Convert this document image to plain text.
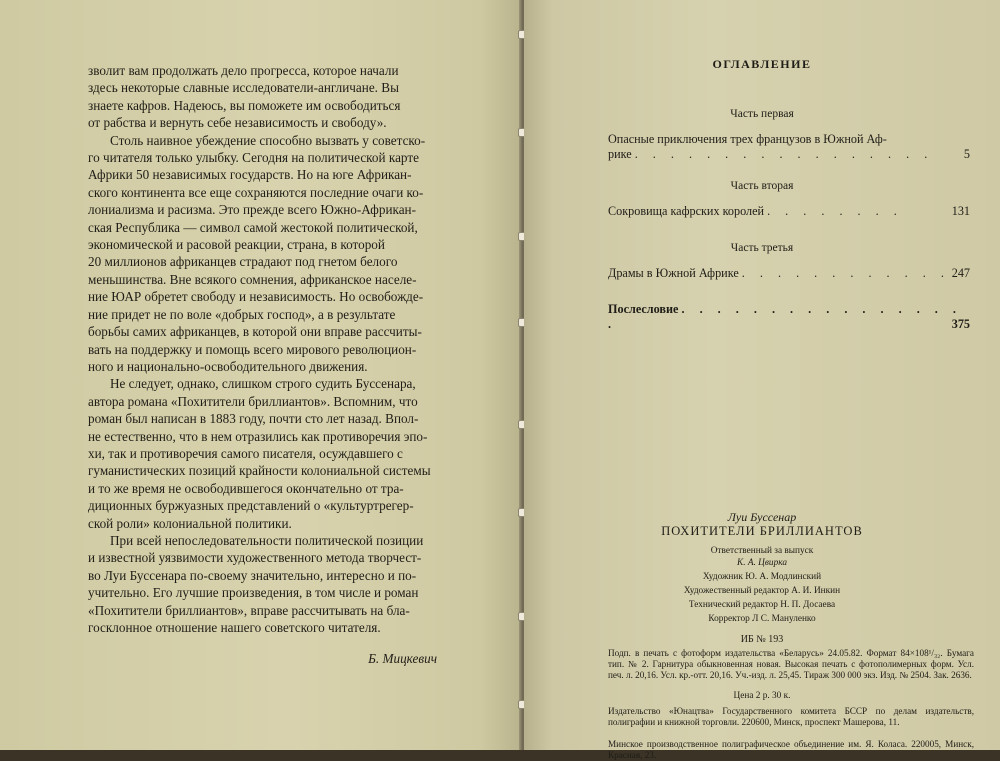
зволит вам продолжать дело прогресса, которое начали

здесь некоторые славные исследователи-англичане. Вы

знаете кафров. Надеюсь, вы поможете им освободиться

от рабства и вернуть себе независимость и свободу».

Столь наивное убеждение способно вызвать у советско-

го читателя только улыбку. Сегодня на политической карте

Африки 50 независимых государств. Но на юге Африкан-

ского континента все еще сохраняются последние очаги ко-

лониализма и расизма. Это прежде всего Южно-Африкан-

ская Республика — символ самой жестокой политической,

экономической и расовой реакции, страна, в которой

20 миллионов африканцев страдают под гнетом белого

меньшинства. Вне всякого сомнения, африканское населе-

ние ЮАР обретет свободу и независимость. Но освобожде-

ние придет не по воле «добрых господ», а в результате

борьбы самих африканцев, в которой они вправе рассчиты-

вать на поддержку и помощь всего мирового революцион-

ного и национально-освободительного движения.

Не следует, однако, слишком строго судить Буссенара,

автора романа «Похитители бриллиантов». Вспомним, что

роман был написан в 1883 году, почти сто лет назад. Впол-

не естественно, что в нем отразились как противоречия эпо-

хи, так и противоречия самого писателя, осуждавшего с

гуманистических позиций крайности колониальной системы

и то же время не освободившегося окончательно от тра-

диционных буржуазных представлений о «культуртрегер-

ской роли» колониальной политики.

При всей непоследовательности политической позиции

и известной уязвимости художественного метода творчест-

во Луи Буссенара по-своему значительно, интересно и по-

учительно. Его лучшие произведения, в том числе и роман

«Похитители бриллиантов», вправе рассчитывать на бла-

госклонное отношение нашего советского читателя.

Б. Мицкевич

ОГЛАВЛЕНИЕ
Часть первая
Опасные приключения трех французов в Южной Аф-
рике . . . . . . . . . . . . . . . . .	5
Часть вторая
Сокровища кафрских королей . . . . . . . .	131
Часть третья
Драмы в Южной Африке . . . . . . . . . . . . 247
Послесловие . . . . . . . . . . . . . . . . .	375
Луи Буссенар
ПОХИТИТЕЛИ БРИЛЛИАНТОВ
Ответственный за выпуск
К. А. Цвирка
Художник Ю. А. Модлинский
Художественный редактор А. И. Инкин
Технический редактор Н. П. Досаева
Корректор Л С. Мануленко
ИБ № 193
Подп. в печать с фотоформ издательства «Беларусь» 24.05.82. Формат 84×108¹/₃₂. Бумага тип. № 2. Гарнитура обыкновенная новая. Высокая печать с фотополимерных форм. Усл. печ. л. 20,16. Усл. кр.-отт. 20,16. Уч.-изд. л. 25,45. Тираж 300 000 экз. Изд. № 2504. Зак. 2636.
Цена 2 р. 30 к.
Издательство «Юнацтва» Государственного комитета БССР по делам издательств, полиграфии и книжной торговли. 220600, Минск, проспект Машерова, 11.
Минское производственное полиграфическое объединение им. Я. Коласа. 220005, Минск, Красная, 23.
